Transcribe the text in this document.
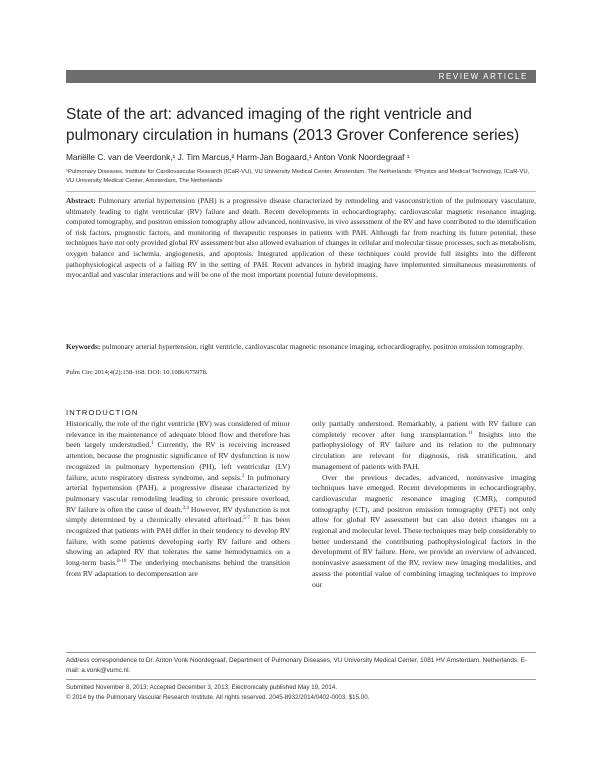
REVIEW ARTICLE
State of the art: advanced imaging of the right ventricle and pulmonary circulation in humans (2013 Grover Conference series)
Mariëlle C. van de Veerdonk,¹ J. Tim Marcus,² Harm-Jan Bogaard,¹ Anton Vonk Noordegraaf ¹
¹Pulmonary Diseases, Institute for Cardiovascular Research (ICaR-VU), VU University Medical Center, Amsterdam, The Netherlands; ²Physics and Medical Technology, ICaR-VU, VU University Medical Center, Amsterdam, The Netherlands
Abstract: Pulmonary arterial hypertension (PAH) is a progressive disease characterized by remodeling and vasoconstriction of the pulmonary vasculature, ultimately leading to right ventricular (RV) failure and death. Recent developments in echocardiography, cardiovascular magnetic resonance imaging, computed tomography, and positron emission tomography allow advanced, noninvasive, in vivo assessment of the RV and have contributed to the identification of risk factors, prognostic factors, and monitoring of therapeutic responses in patients with PAH. Although far from reaching its future potential, these techniques have not only provided global RV assessment but also allowed evaluation of changes in cellular and molecular tissue processes, such as metabolism, oxygen balance and ischemia, angiogenesis, and apoptosis. Integrated application of these techniques could provide full insights into the different pathophysiological aspects of a failing RV in the setting of PAH. Recent advances in hybrid imaging have implemented simultaneous measurements of myocardial and vascular interactions and will be one of the most important potential future developments.
Keywords: pulmonary arterial hypertension, right ventricle, cardiovascular magnetic resonance imaging, echocardiography, positron emission tomography.
Pulm Circ 2014;4(2):158-168. DOI: 10.1086/675978.
INTRODUCTION

Historically, the role of the right ventricle (RV) was considered of minor relevance in the maintenance of adequate blood flow and therefore has been largely understudied.$^1$ Currently, the RV is receiving increased attention, because the prognostic significance of RV dysfunction is now recognized in pulmonary hypertension (PH), left ventricular (LV) failure, acute respiratory distress syndrome, and sepsis.$^2$ In pulmonary arterial hypertension (PAH), a progressive disease characterized by pulmonary vascular remodeling leading to chronic pressure overload, RV failure is often the cause of death.$^{3,4}$ However, RV dysfunction is not simply determined by a chronically elevated afterload.$^{5-7}$ It has been recognized that patients with PAH differ in their tendency to develop RV failure, with some patients developing early RV failure and others showing an adapted RV that tolerates the same hemodynamics on a long-term basis.$^{8-10}$ The underlying mechanisms behind the transition from RV adaptation to decompensation are

only partially understood. Remarkably, a patient with RV failure can completely recover after lung transplantation.$^{11}$ Insights into the pathophysiology of RV failure and its relation to the pulmonary circulation are relevant for diagnosis, risk stratification, and management of patients with PAH.

Over the previous decades, advanced, noninvasive imaging techniques have emerged. Recent developments in echocardiography, cardiovascular magnetic resonance imaging (CMR), computed tomography (CT), and positron emission tomography (PET) not only allow for global RV assessment but can also detect changes on a regional and molecular level. These techniques may help considerably to better understand the contributing pathophysiological factors in the development of RV failure. Here, we provide an overview of advanced, noninvasive assessment of the RV, review new imaging modalities, and assess the potential value of combining imaging techniques to improve our

Address correspondence to Dr. Anton Vonk Noordegraaf, Department of Pulmonary Diseases, VU University Medical Center, 1081 HV Amsterdam, Netherlands. E-mail: a.vonk@vumc.nl.
Submitted November 8, 2013; Accepted December 3, 2013; Electronically published May 19, 2014.
© 2014 by the Pulmonary Vascular Research Institute. All rights reserved. 2045-8932/2014/0402-0003. $15.00.
